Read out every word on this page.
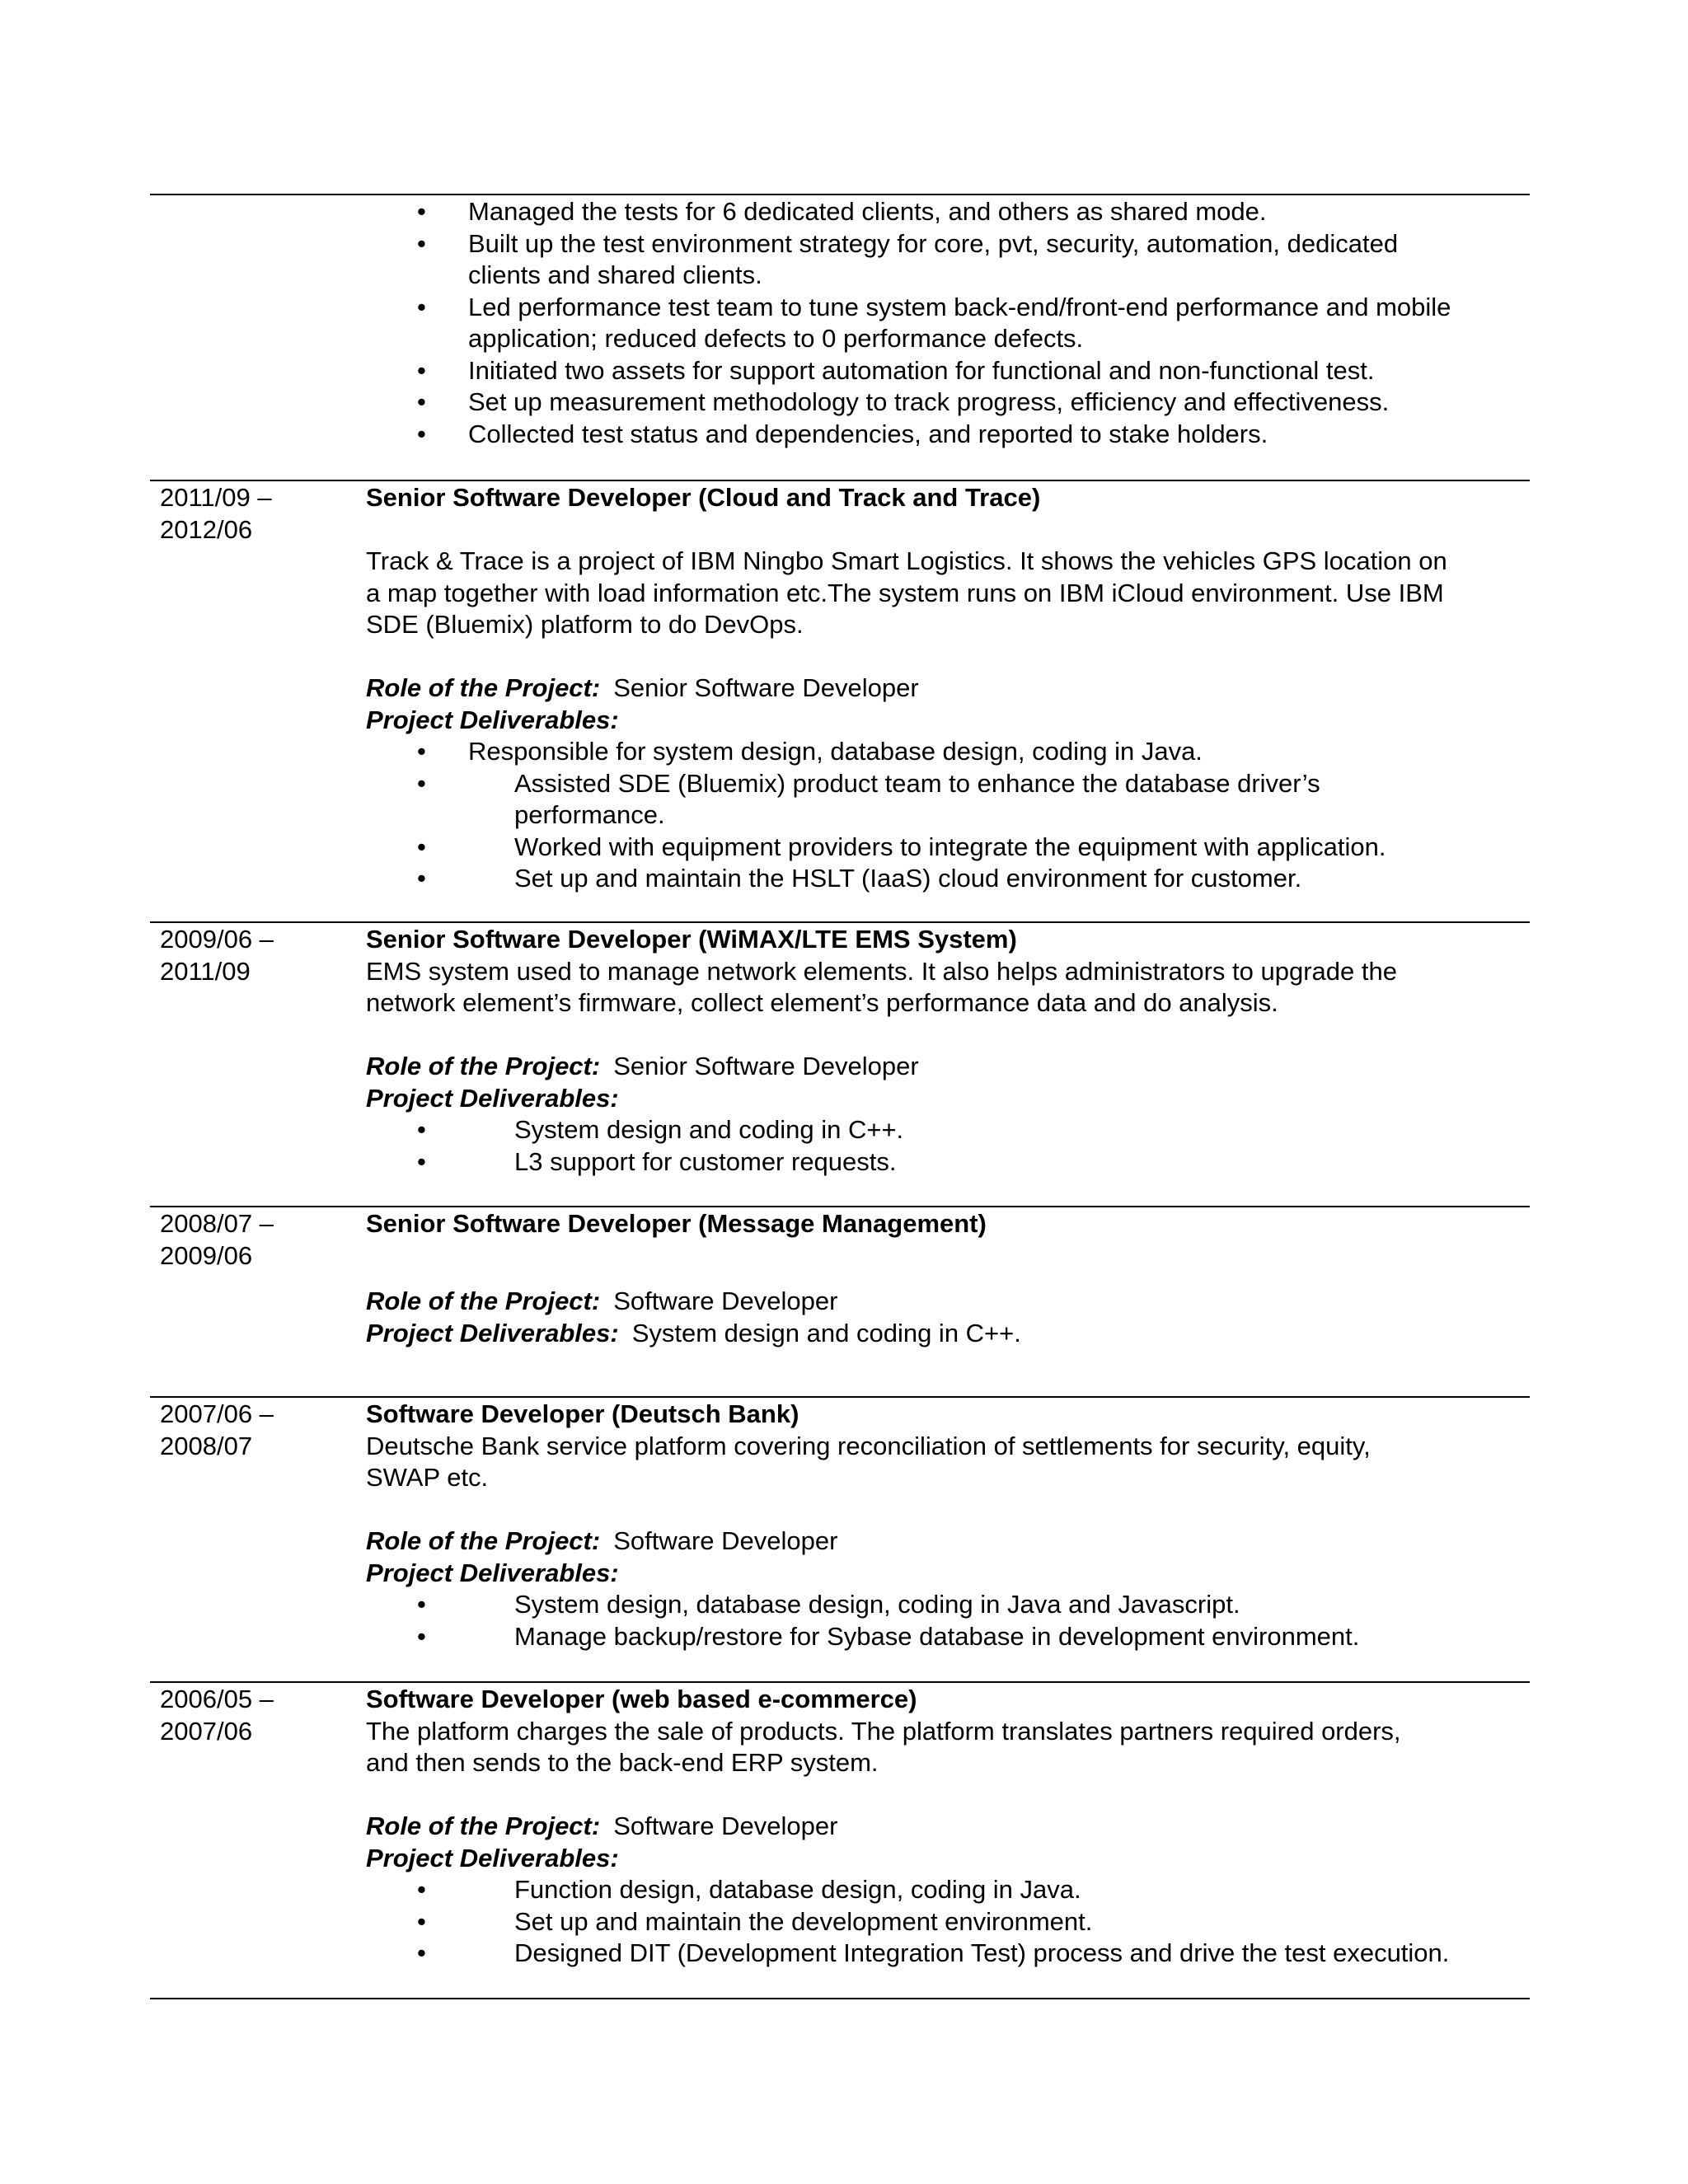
• Managed the tests for 6 dedicated clients, and others as shared mode.
• Built up the test environment strategy for core, pvt, security, automation, dedicated
clients and shared clients.
• Led performance test team to tune system back-end/front-end performance and mobile
application; reduced defects to 0 performance defects.
• Initiated two assets for support automation for functional and non-functional test.
• Set up measurement methodology to track progress, efficiency and effectiveness.
• Collected test status and dependencies, and reported to stake holders.
2011/09 –
2012/06
Senior Software Developer (Cloud and Track and Trace)
Track & Trace is a project of IBM Ningbo Smart Logistics. It shows the vehicles GPS location on
a map together with load information etc.The system runs on IBM iCloud environment. Use IBM
SDE (Bluemix) platform to do DevOps.
Role of the Project: Senior Software Developer
Project Deliverables:
• Responsible for system design, database design, coding in Java.
•	Assisted SDE (Bluemix) product team to enhance the database driver’s
performance.
•	Worked with equipment providers to integrate the equipment with application.
•	Set up and maintain the HSLT (IaaS) cloud environment for customer.
2009/06 –
2011/09
Senior Software Developer (WiMAX/LTE EMS System)
EMS system used to manage network elements. It also helps administrators to upgrade the
network element’s firmware, collect element’s performance data and do analysis.
Role of the Project: Senior Software Developer
Project Deliverables:
•	System design and coding in C++.
•	L3 support for customer requests.
2008/07 –
2009/06
Senior Software Developer (Message Management)
Role of the Project: Software Developer
Project Deliverables: System design and coding in C++.
2007/06 –
2008/07
Software Developer (Deutsch Bank)
Deutsche Bank service platform covering reconciliation of settlements for security, equity,
SWAP etc.
Role of the Project: Software Developer
Project Deliverables:
•	System design, database design, coding in Java and Javascript.
•	Manage backup/restore for Sybase database in development environment.
2006/05 –
2007/06
Software Developer (web based e-commerce)
The platform charges the sale of products. The platform translates partners required orders,
and then sends to the back-end ERP system.
Role of the Project: Software Developer
Project Deliverables:
•	Function design, database design, coding in Java.
•	Set up and maintain the development environment.
•	Designed DIT (Development Integration Test) process and drive the test execution.
